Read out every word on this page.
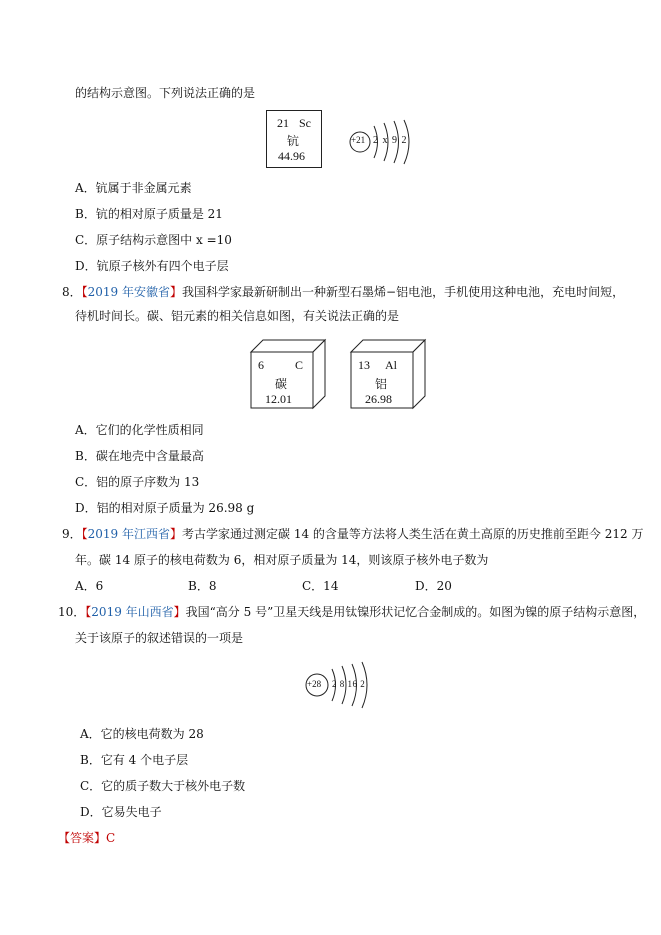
的结构示意图。下列说法正确的是
21 Sc
钪
44.96
+21 2 x 9 2
A．钪属于非金属元素
B．钪的相对原子质量是 21
C．原子结构示意图中 x =10
D．钪原子核外有四个电子层
8．【2019 年安徽省】我国科学家最新研制出一种新型石墨烯−铝电池，手机使用这种电池，充电时间短，
待机时间长。碳、铝元素的相关信息如图，有关说法正确的是
6	C
碳
12.01
13 Al
铝
26.98
A．它们的化学性质相同
B．碳在地壳中含量最高
C．铝的原子序数为 13
D．铝的相对原子质量为 26.98 g
9．【2019 年江西省】考古学家通过测定碳 14 的含量等方法将人类生活在黄土高原的历史推前至距今 212 万
年。碳 14 原子的核电荷数为 6，相对原子质量为 14，则该原子核外电子数为
A．6	B．8	C．14	D．20
10．【2019 年山西省】我国“高分 5 号”卫星天线是用钛镍形状记忆合金制成的。如图为镍的原子结构示意图，
关于该原子的叙述错误的一项是
+28 2 8 16 2
A．它的核电荷数为 28
B．它有 4 个电子层
C．它的质子数大于核外电子数
D．它易失电子
【答案】C
